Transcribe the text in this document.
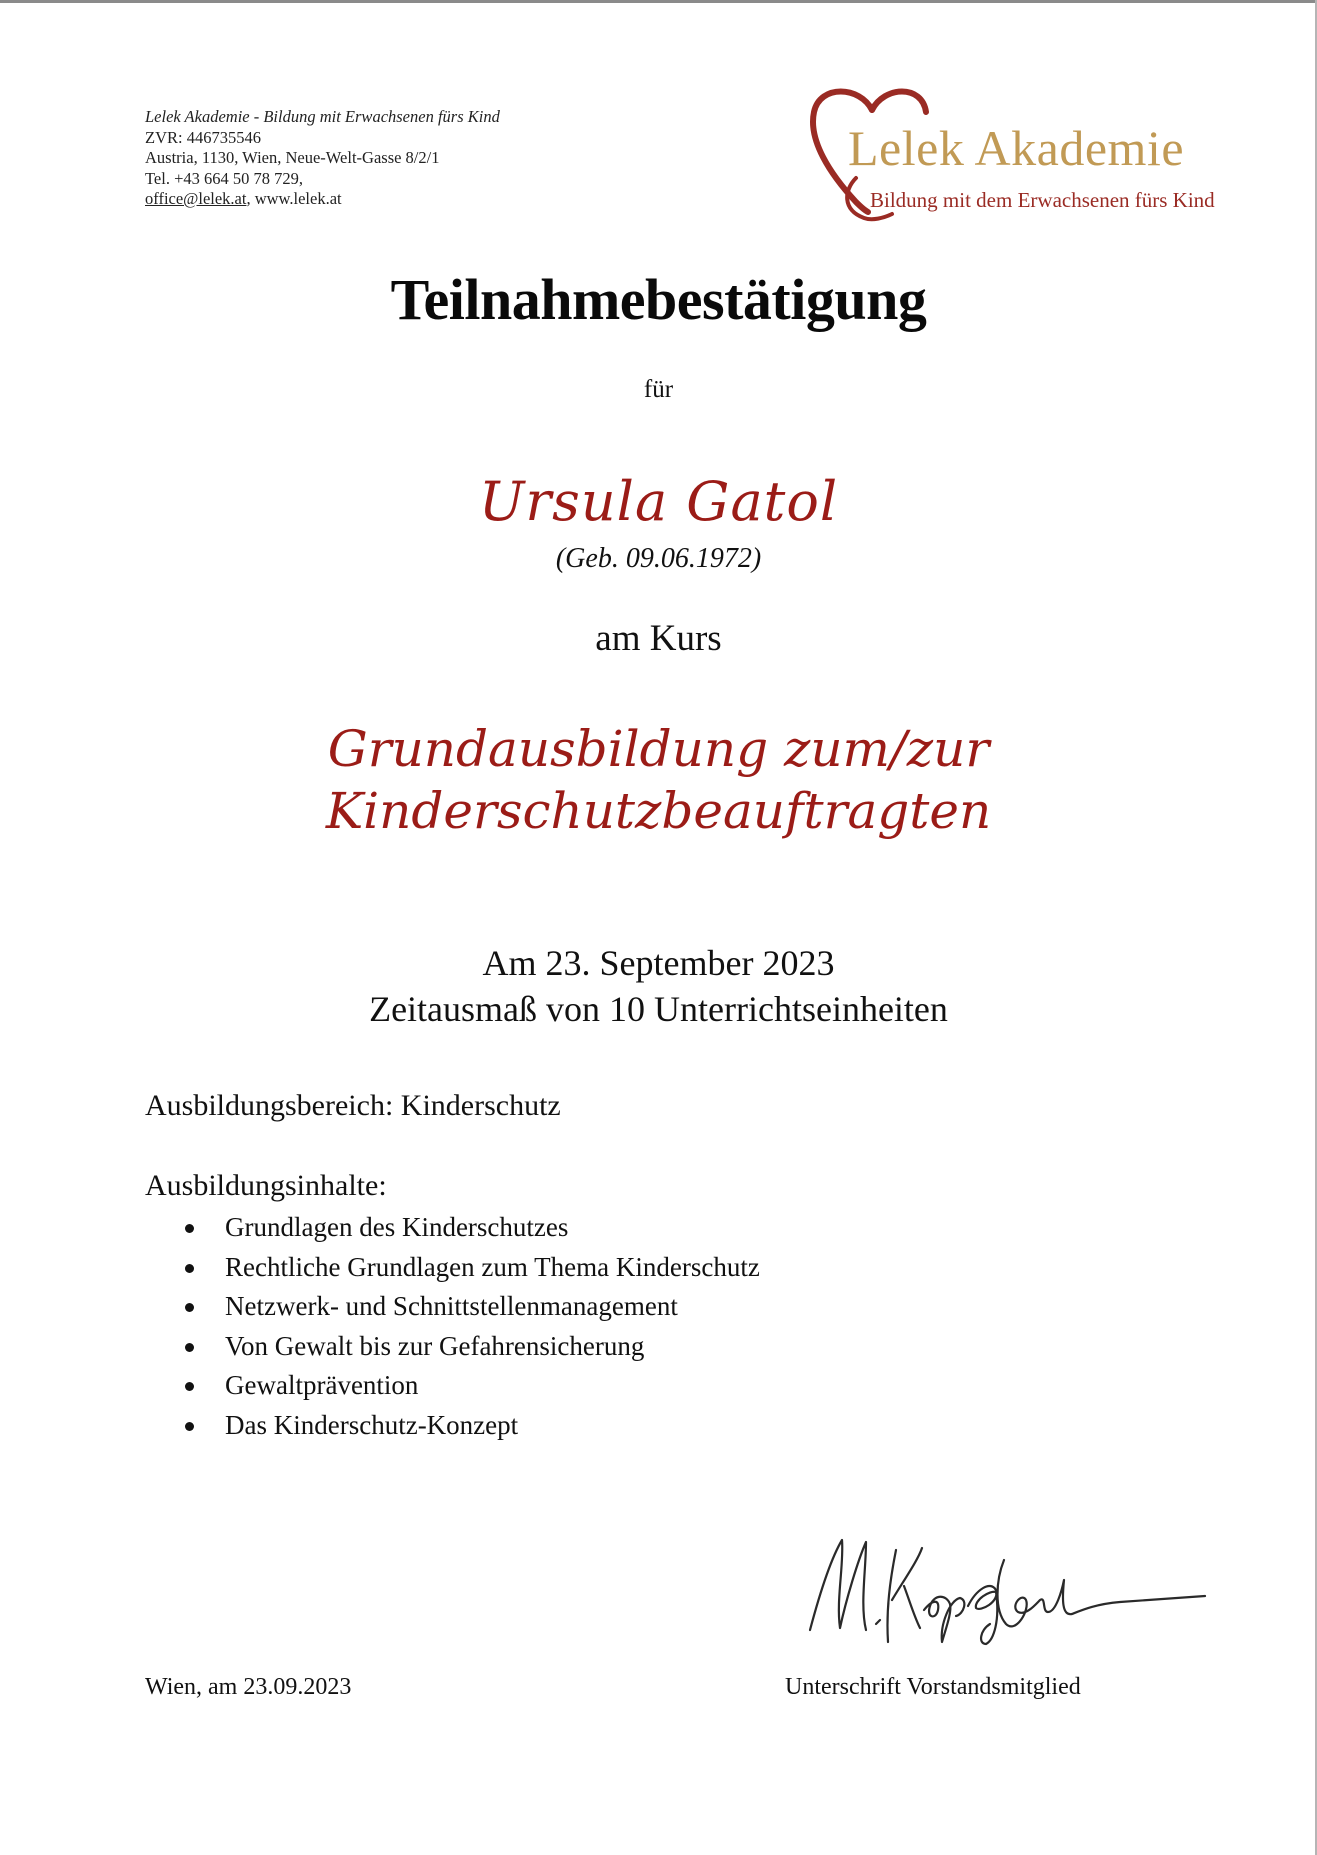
Lelek Akademie - Bildung mit Erwachsenen fürs Kind
ZVR: 446735546
Austria, 1130, Wien, Neue-Welt-Gasse 8/2/1
Tel. +43 664 50 78 729,
office@lelek.at, www.lelek.at
Lelek Akademie
Bildung mit dem Erwachsenen fürs Kind
Teilnahmebestätigung
für
Ursula Gatol
(Geb. 09.06.1972)
am Kurs
Grundausbildung zum/zur
Kinderschutzbeauftragten
Am 23. September 2023
Zeitausmaß von 10 Unterrichtseinheiten
Ausbildungsbereich: Kinderschutz
Ausbildungsinhalte:
Grundlagen des Kinderschutzes
Rechtliche Grundlagen zum Thema Kinderschutz
Netzwerk- und Schnittstellenmanagement
Von Gewalt bis zur Gefahrensicherung
Gewaltprävention
Das Kinderschutz-Konzept
Wien, am 23.09.2023	Unterschrift Vorstandsmitglied
